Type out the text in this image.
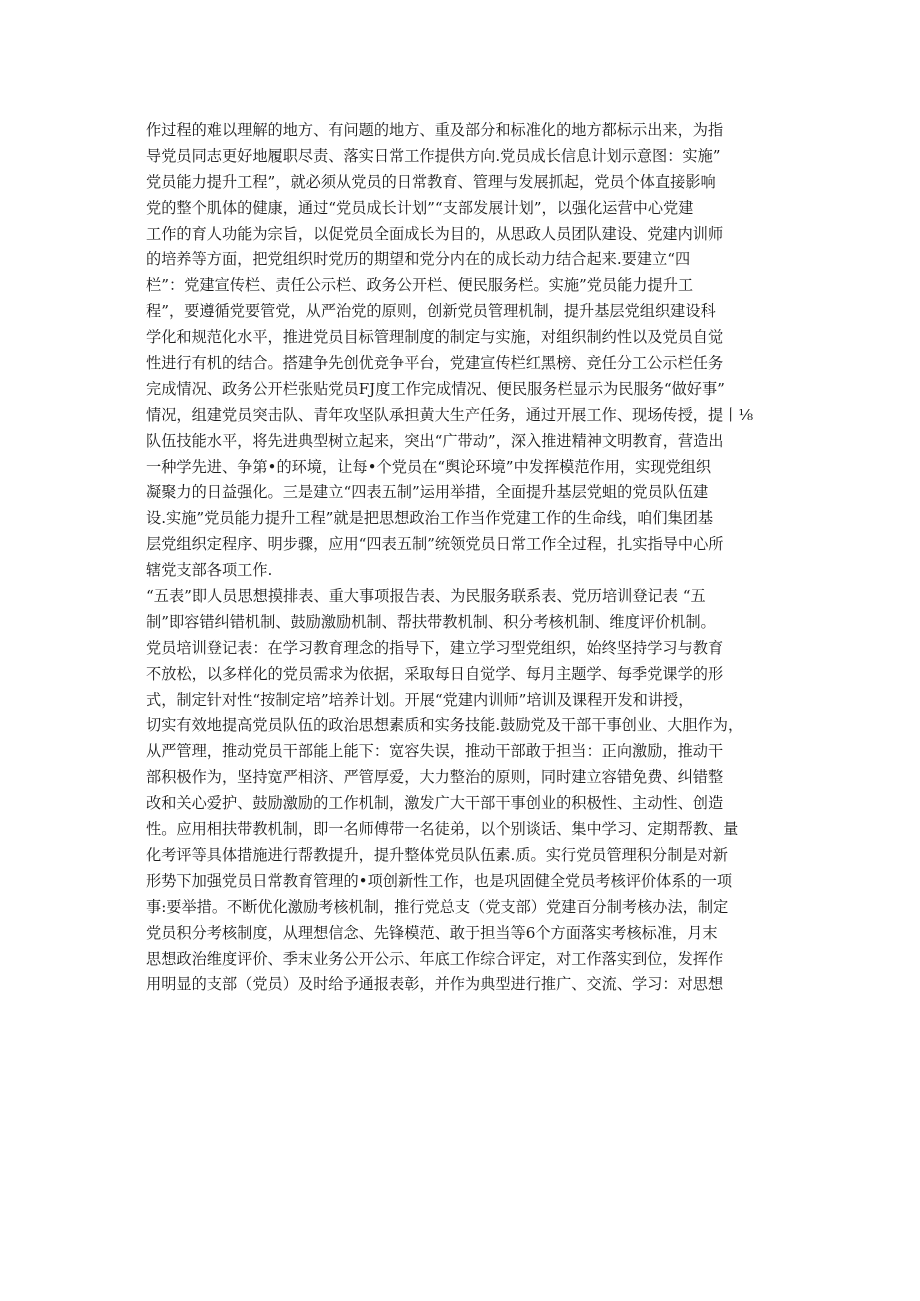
作过程的难以理解的地方、有问题的地方、重及部分和标准化的地方都标示出来，为指
导党员同志更好地履职尽责、落实日常工作提供方向.党员成长信息计划示意图：实施”
党员能力提升工程”，就必须从党员的日常教育、管理与发展抓起，党员个体直接影响
党的整个肌体的健康，通过“党员成长计划”“支部发展计划”，以强化运营中心党建
工作的育人功能为宗旨，以促党员全面成长为目的，从思政人员团队建设、党建内训师
的培养等方面，把党组织时党历的期望和党分内在的成长动力结合起来.要建立“四
栏”：党建宣传栏、责任公示栏、政务公开栏、便民服务栏。实施”党员能力提升工
程”，要遵循党要管党，从严治党的原则，创新党员管理机制，提升基层党组织建设科
学化和规范化水平，推进党员目标管理制度的制定与实施，对组织制约性以及党员自觉
性进行有机的结合。搭建争先创优竞争平台，党建宣传栏红黑榜、竞任分工公示栏任务
完成情况、政务公开栏张贴党员FJ度工作完成情况、便民服务栏显示为民服务“做好事”
情况，组建党员突击队、青年攻坚队承担黄大生产任务，通过开展工作、现场传授，提丨⅛
队伍技能水平，将先进典型树立起来，突出“广带动”，深入推进精神文明教育，营造出
一种学先进、争第•的环境，让每•个党员在“舆论环境”中发挥模范作用，实现党组织
凝聚力的日益强化。三是建立“四表五制”运用举措，全面提升基层党蛆的党员队伍建
设.实施”党员能力提升工程”就是把思想政治工作当作党建工作的生命线，咱们集团基
层党组织定程序、明步骤，应用“四表五制”统领党员日常工作全过程，扎实指导中心所
辖党支部各项工作.
“五表”即人员思想摸排表、重大事项报告表、为民服务联系表、党历培训登记表 “五
制”即容错纠错机制、鼓励激励机制、帮扶带教机制、积分考核机制、维度评价机制。
党员培训登记表：在学习教育理念的指导下，建立学习型党组织，始终坚持学习与教育
不放松，以多样化的党员需求为依据，采取每日自觉学、每月主题学、每季党课学的形
式，制定针对性“按制定培”培养计划。开展“党建内训师”培训及课程开发和讲授，
切实有效地提高党员队伍的政治思想素质和实务技能.鼓励党及干部干事创业、大胆作为，
从严管理，推动党员干部能上能下：宽容失误，推动干部敢于担当：正向激励，推动干
部积极作为，坚持宽严相济、严管厚爱，大力整治的原则，同时建立容错免费、纠错整
改和关心爱护、鼓励激励的工作机制，激发广大干部干事创业的积极性、主动性、创造
性。应用相扶带教机制，即一名师傅带一名徒弟，以个别谈话、集中学习、定期帮教、量
化考评等具体措施进行帮教提升，提升整体党员队伍素.质。实行党员管理积分制是对新
形势下加强党员日常教育管理的•项创新性工作，也是巩固健全党员考核评价体系的一项
事:要举措。不断优化激励考核机制，推行党总支（党支部）党建百分制考核办法，制定
党员积分考核制度，从理想信念、先锋模范、敢于担当等6个方面落实考核标准，月末
思想政治维度评价、季末业务公开公示、年底工作综合评定，对工作落实到位，发挥作
用明显的支部（党员）及时给予通报表彰，并作为典型进行推广、交流、学习：对思想
